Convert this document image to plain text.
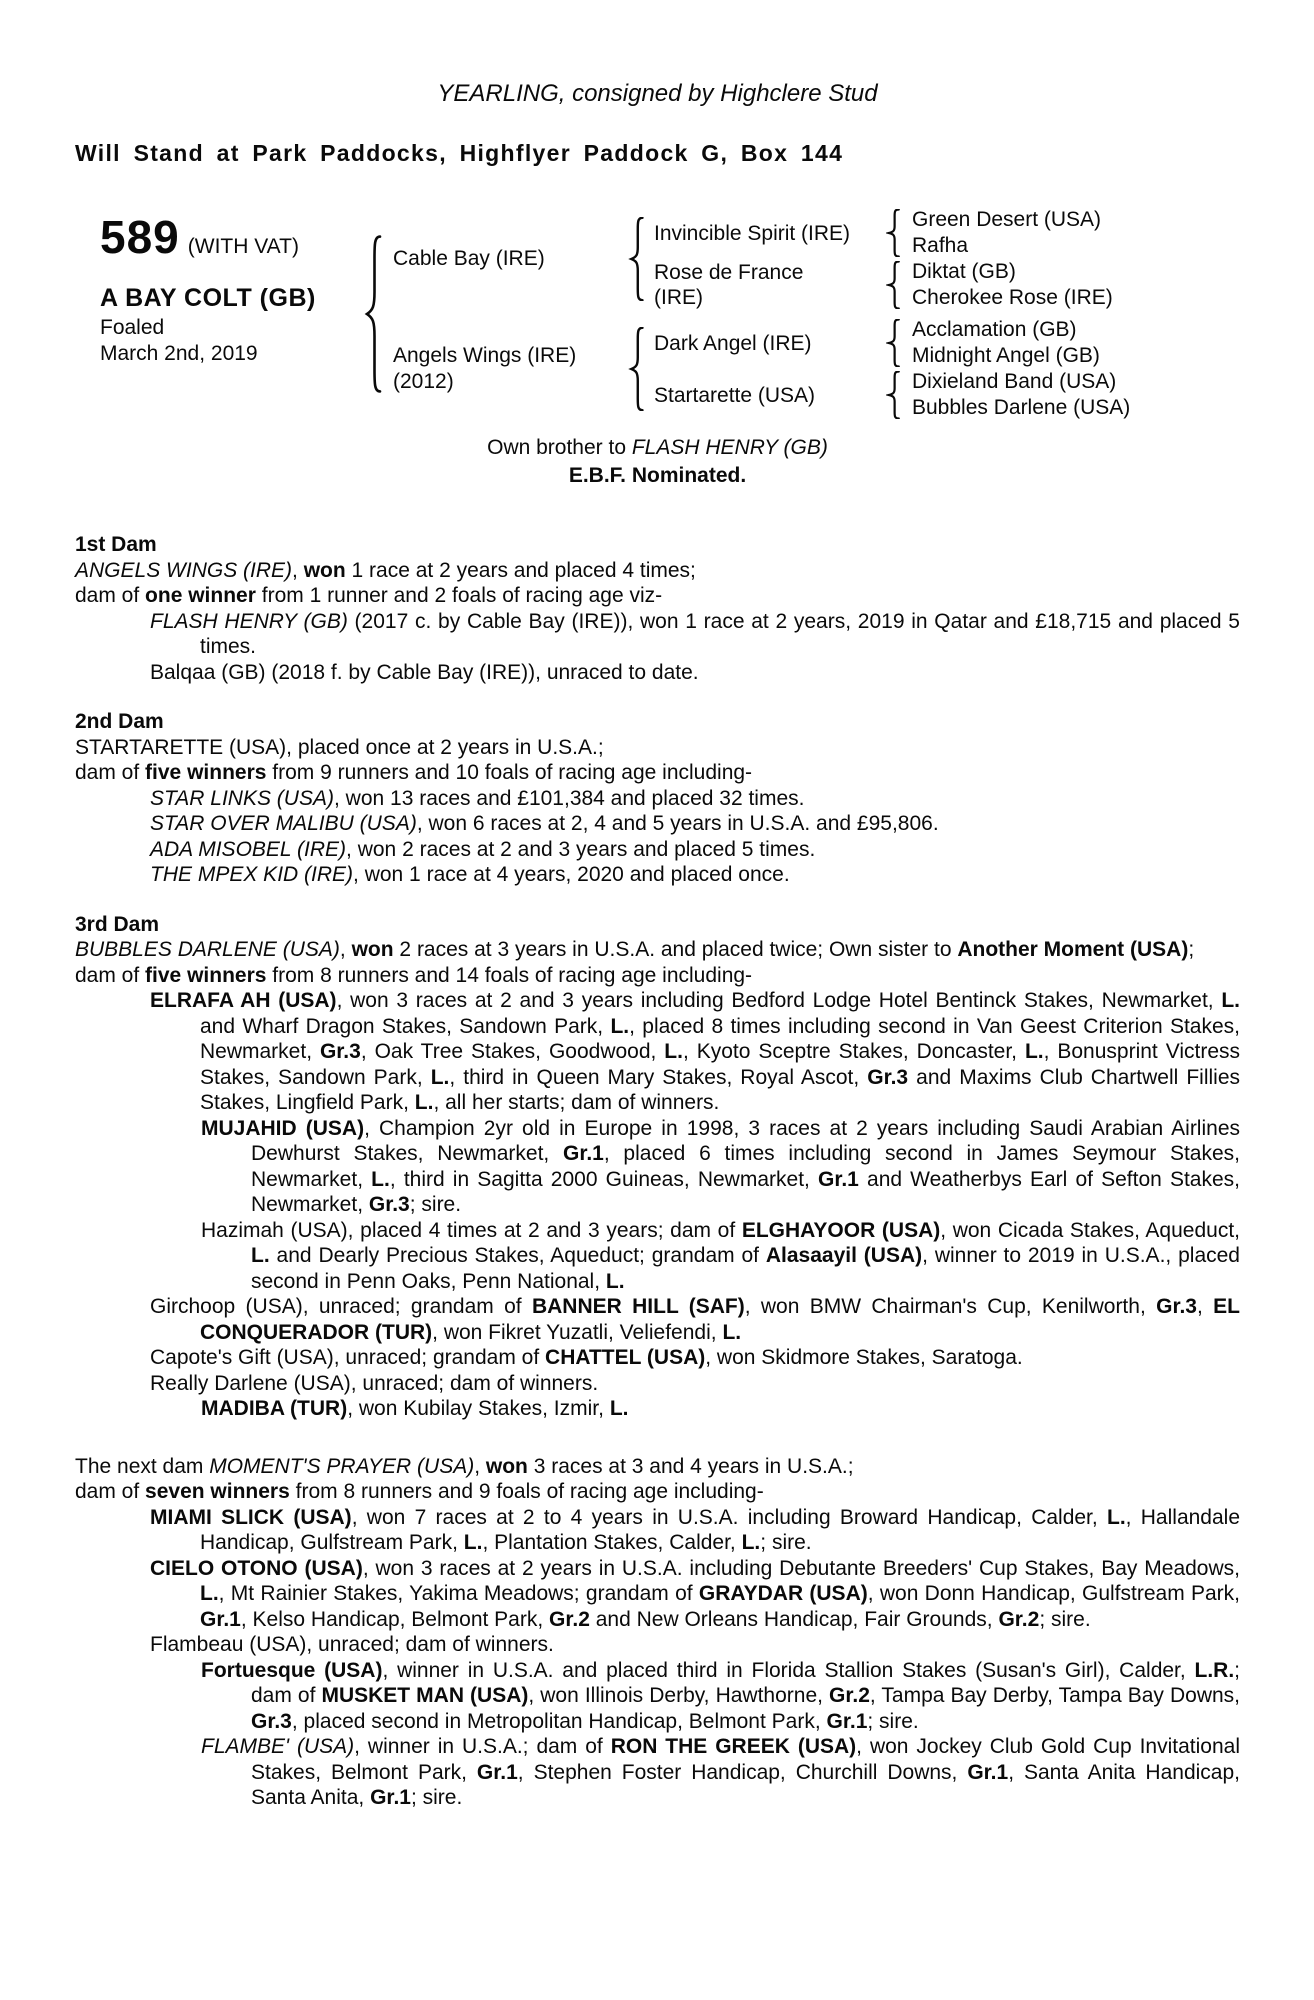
YEARLING, consigned by Highclere Stud
Will Stand at Park Paddocks, Highflyer Paddock G, Box 144
589 (WITH VAT)
A BAY COLT (GB)
Foaled
March 2nd, 2019
Cable Bay (IRE)
Invincible Spirit (IRE)
Green Desert (USA)
Rafha
Rose de France
(IRE)
Diktat (GB)
Cherokee Rose (IRE)
Angels Wings (IRE)
(2012)
Dark Angel (IRE)
Acclamation (GB)
Midnight Angel (GB)
Startarette (USA)
Dixieland Band (USA)
Bubbles Darlene (USA)
Own brother to FLASH HENRY (GB)
E.B.F. Nominated.
1st Dam
ANGELS WINGS (IRE), won 1 race at 2 years and placed 4 times;
dam of one winner from 1 runner and 2 foals of racing age viz-
FLASH HENRY (GB) (2017 c. by Cable Bay (IRE)), won 1 race at 2 years, 2019 in Qatar and £18,715 and placed 5 times.
Balqaa (GB) (2018 f. by Cable Bay (IRE)), unraced to date.
2nd Dam
STARTARETTE (USA), placed once at 2 years in U.S.A.;
dam of five winners from 9 runners and 10 foals of racing age including-
STAR LINKS (USA), won 13 races and £101,384 and placed 32 times.
STAR OVER MALIBU (USA), won 6 races at 2, 4 and 5 years in U.S.A. and £95,806.
ADA MISOBEL (IRE), won 2 races at 2 and 3 years and placed 5 times.
THE MPEX KID (IRE), won 1 race at 4 years, 2020 and placed once.
3rd Dam
BUBBLES DARLENE (USA), won 2 races at 3 years in U.S.A. and placed twice; Own sister to Another Moment (USA);
dam of five winners from 8 runners and 14 foals of racing age including-
ELRAFA AH (USA), won 3 races at 2 and 3 years including Bedford Lodge Hotel Bentinck Stakes, Newmarket, L. and Wharf Dragon Stakes, Sandown Park, L., placed 8 times including second in Van Geest Criterion Stakes, Newmarket, Gr.3, Oak Tree Stakes, Goodwood, L., Kyoto Sceptre Stakes, Doncaster, L., Bonusprint Victress Stakes, Sandown Park, L., third in Queen Mary Stakes, Royal Ascot, Gr.3 and Maxims Club Chartwell Fillies Stakes, Lingfield Park, L., all her starts; dam of winners.
MUJAHID (USA), Champion 2yr old in Europe in 1998, 3 races at 2 years including Saudi Arabian Airlines Dewhurst Stakes, Newmarket, Gr.1, placed 6 times including second in James Seymour Stakes, Newmarket, L., third in Sagitta 2000 Guineas, Newmarket, Gr.1 and Weatherbys Earl of Sefton Stakes, Newmarket, Gr.3; sire.
Hazimah (USA), placed 4 times at 2 and 3 years; dam of ELGHAYOOR (USA), won Cicada Stakes, Aqueduct, L. and Dearly Precious Stakes, Aqueduct; grandam of Alasaayil (USA), winner to 2019 in U.S.A., placed second in Penn Oaks, Penn National, L.
Girchoop (USA), unraced; grandam of BANNER HILL (SAF), won BMW Chairman's Cup, Kenilworth, Gr.3, EL CONQUERADOR (TUR), won Fikret Yuzatli, Veliefendi, L.
Capote's Gift (USA), unraced; grandam of CHATTEL (USA), won Skidmore Stakes, Saratoga.
Really Darlene (USA), unraced; dam of winners.
MADIBA (TUR), won Kubilay Stakes, Izmir, L.
The next dam MOMENT'S PRAYER (USA), won 3 races at 3 and 4 years in U.S.A.;
dam of seven winners from 8 runners and 9 foals of racing age including-
MIAMI SLICK (USA), won 7 races at 2 to 4 years in U.S.A. including Broward Handicap, Calder, L., Hallandale Handicap, Gulfstream Park, L., Plantation Stakes, Calder, L.; sire.
CIELO OTONO (USA), won 3 races at 2 years in U.S.A. including Debutante Breeders' Cup Stakes, Bay Meadows, L., Mt Rainier Stakes, Yakima Meadows; grandam of GRAYDAR (USA), won Donn Handicap, Gulfstream Park, Gr.1, Kelso Handicap, Belmont Park, Gr.2 and New Orleans Handicap, Fair Grounds, Gr.2; sire.
Flambeau (USA), unraced; dam of winners.
Fortuesque (USA), winner in U.S.A. and placed third in Florida Stallion Stakes (Susan's Girl), Calder, L.R.; dam of MUSKET MAN (USA), won Illinois Derby, Hawthorne, Gr.2, Tampa Bay Derby, Tampa Bay Downs, Gr.3, placed second in Metropolitan Handicap, Belmont Park, Gr.1; sire.
FLAMBE' (USA), winner in U.S.A.; dam of RON THE GREEK (USA), won Jockey Club Gold Cup Invitational Stakes, Belmont Park, Gr.1, Stephen Foster Handicap, Churchill Downs, Gr.1, Santa Anita Handicap, Santa Anita, Gr.1; sire.
